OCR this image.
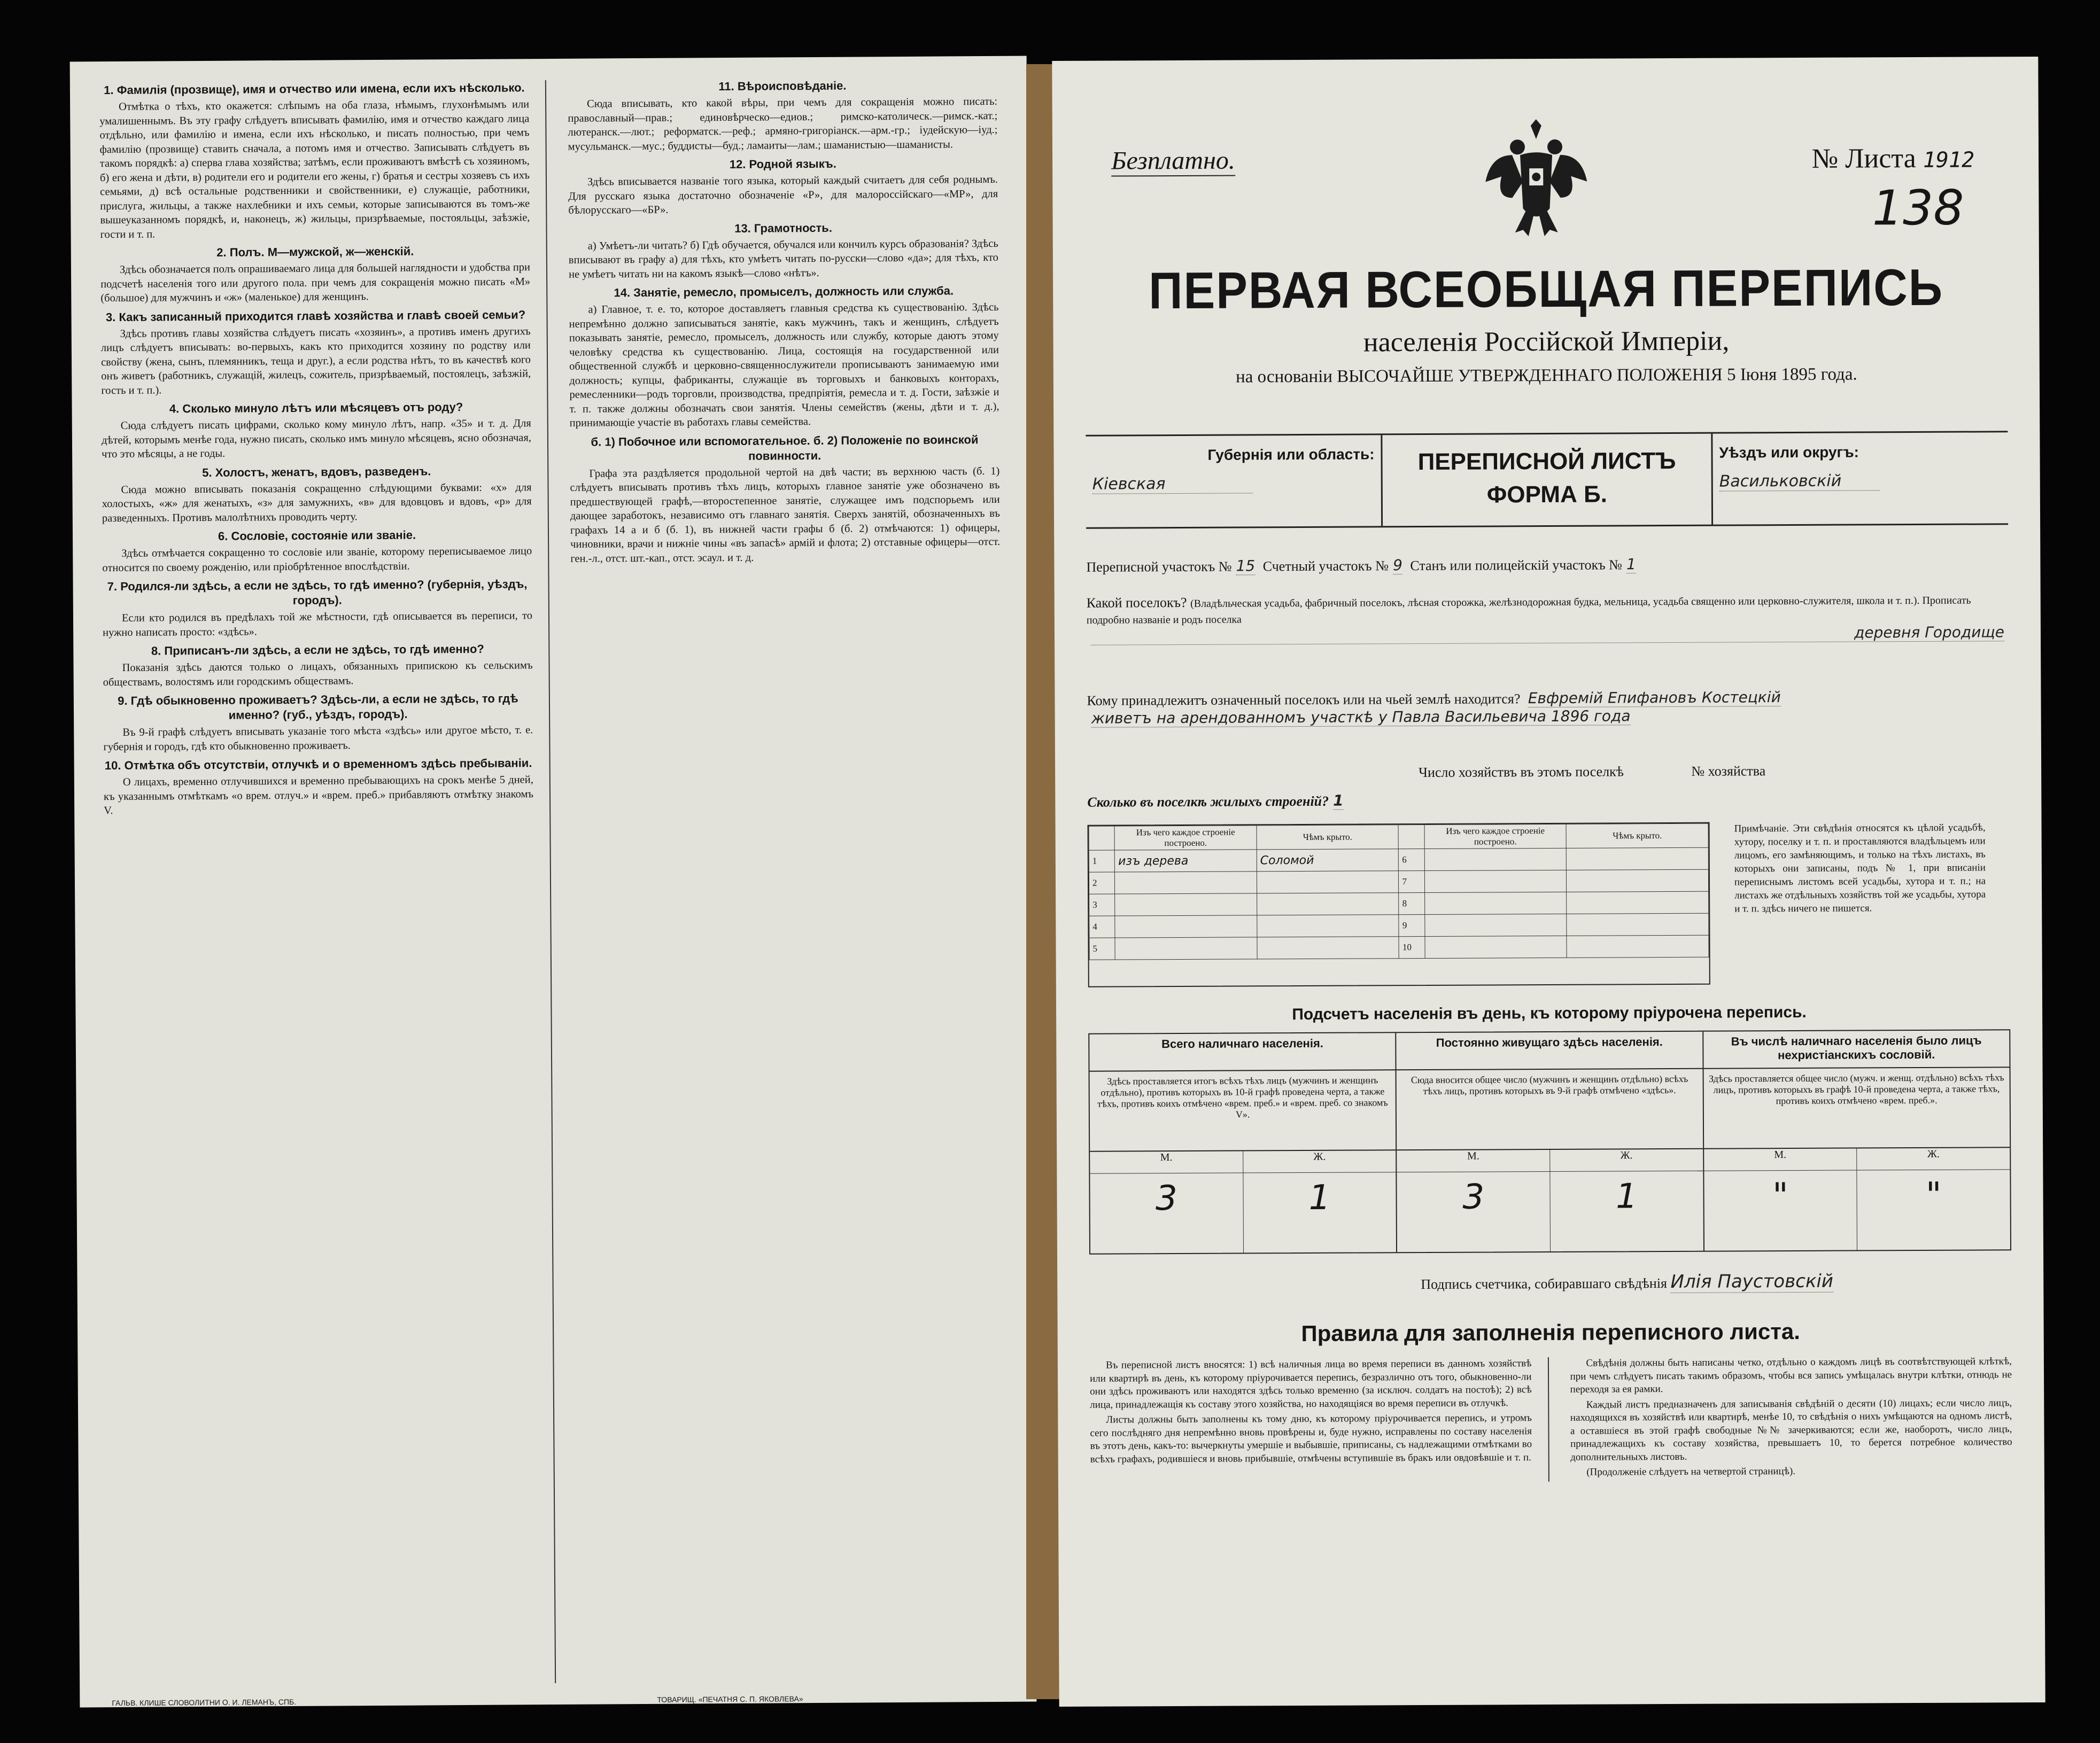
1. Фамилія (прозвище), имя и отчество или имена, если ихъ нѣсколько.

Отмѣтка о тѣхъ, кто окажется: слѣпымъ на оба глаза, нѣмымъ, глухонѣмымъ или умалишеннымъ. Въ эту графу слѣдуетъ вписывать фамилію, имя и отчество каждаго лица отдѣльно, или фамилію и имена, если ихъ нѣсколько, и писать полностью, при чемъ фамилію (прозвище) ставить сначала, а потомъ имя и отчество. Записывать слѣдуетъ въ такомъ порядкѣ: а) сперва глава хозяйства; затѣмъ, если проживаютъ вмѣстѣ съ хозяиномъ, б) его жена и дѣти, в) родители его и родители его жены, г) братья и сестры хозяевъ съ ихъ семьями, д) всѣ остальные родственники и свойственники, е) служащіе, работники, прислуга, жильцы, а также нахлебники и ихъ семьи, которые записываются въ томъ-же вышеуказанномъ порядкѣ, и, наконецъ, ж) жильцы, призрѣваемые, постояльцы, заѣзжіе, гости и т. п.

2. Полъ. М—мужской, ж—женскій.

Здѣсь обозначается полъ опрашиваемаго лица для большей наглядности и удобства при подсчетѣ населенія того или другого пола. при чемъ для сокращенія можно писать «М» (большое) для мужчинъ и «ж» (маленькое) для женщинъ.

3. Какъ записанный приходится главѣ хозяйства и главѣ своей семьи?

Здѣсь противъ главы хозяйства слѣдуетъ писать «хозяинъ», а противъ именъ другихъ лицъ слѣдуетъ вписывать: во-первыхъ, какъ кто приходится хозяину по родству или свойству (жена, сынъ, племянникъ, теща и друг.), а если родства нѣтъ, то въ качествѣ кого онъ живетъ (работникъ, служащій, жилецъ, сожитель, призрѣваемый, постоялецъ, заѣзжій, гость и т. п.).

4. Сколько минуло лѣтъ или мѣсяцевъ отъ роду?

Сюда слѣдуетъ писать цифрами, сколько кому минуло лѣтъ, напр. «35» и т. д. Для дѣтей, которымъ менѣе года, нужно писать, сколько имъ минуло мѣсяцевъ, ясно обозначая, что это мѣсяцы, а не годы.

5. Холостъ, женатъ, вдовъ, разведенъ.

Сюда можно вписывать показанія сокращенно слѣдующими буквами: «х» для холостыхъ, «ж» для женатыхъ, «з» для замужнихъ, «в» для вдовцовъ и вдовъ, «р» для разведенныхъ. Противъ малолѣтнихъ проводить черту.

6. Сословіе, состояніе или званіе.

Здѣсь отмѣчается сокращенно то сословіе или званіе, которому переписываемое лицо относится по своему рожденію, или пріобрѣтенное впослѣдствіи.

7. Родился-ли здѣсь, а если не здѣсь, то гдѣ именно? (губернія, уѣздъ, городъ).

Если кто родился въ предѣлахъ той же мѣстности, гдѣ описывается въ переписи, то нужно написать просто: «здѣсь».

8. Приписанъ-ли здѣсь, а если не здѣсь, то гдѣ именно?

Показанія здѣсь даются только о лицахъ, обязанныхъ припискою къ сельскимъ обществамъ, волостямъ или городскимъ обществамъ.

9. Гдѣ обыкновенно проживаетъ? Здѣсь-ли, а если не здѣсь, то гдѣ именно? (губ., уѣздъ, городъ).

Въ 9-й графѣ слѣдуетъ вписывать указаніе того мѣста «здѣсь» или другое мѣсто, т. е. губернія и городъ, гдѣ кто обыкновенно проживаетъ.

10. Отмѣтка объ отсутствіи, отлучкѣ и о временномъ здѣсь пребываніи.

О лицахъ, временно отлучившихся и временно пребывающихъ на срокъ менѣе 5 дней, къ указаннымъ отмѣткамъ «о врем. отлуч.» и «врем. преб.» прибавляютъ отмѣтку знакомъ V.

11. Вѣроисповѣданіе.

Сюда вписывать, кто какой вѣры, при чемъ для сокращенія можно писать: православный—прав.; единовѣрческо—едиов.; римско-католическ.—римск.-кат.; лютеранск.—лют.; реформатск.—реф.; армяно-григоріанск.—арм.-гр.; іудейскую—іуд.; мусульманск.—мус.; буддисты—буд.; ламаиты—лам.; шаманистыю—шаманисты.

12. Родной языкъ.

Здѣсь вписывается названіе того языка, который каждый считаетъ для себя роднымъ. Для русскаго языка достаточно обозначеніе «Р», для малороссійскаго—«МР», для бѣлорусскаго—«БР».

13. Грамотность.

а) Умѣетъ-ли читать? б) Гдѣ обучается, обучался или кончилъ курсъ образованія? Здѣсь вписывают въ графу а) для тѣхъ, кто умѣетъ читать по-русски—слово «да»; для тѣхъ, кто не умѣетъ читать ни на какомъ языкѣ—слово «нѣтъ».

14. Занятіе, ремесло, промыселъ, должность или служба.

а) Главное, т. е. то, которое доставляетъ главныя средства къ существованію. Здѣсь непремѣнно должно записываться занятіе, какъ мужчинъ, такъ и женщинъ, слѣдуетъ показывать занятіе, ремесло, промыселъ, должность или службу, которые даютъ этому человѣку средства къ существованію. Лица, состоящія на государственной или общественной службѣ и церковно-священнослужители прописываютъ занимаемую ими должность; купцы, фабриканты, служащіе въ торговыхъ и банковыхъ конторахъ, ремесленники—родъ торговли, производства, предпріятія, ремесла и т. д. Гости, заѣзжіе и т. п. также должны обозначать свои занятія. Члены семействъ (жены, дѣти и т. д.), принимающіе участіе въ работахъ главы семейства.

б. 1) Побочное или вспомогательное. б. 2) Положеніе по воинской повинности.

Графа эта раздѣляется продольной чертой на двѣ части; въ верхнюю часть (б. 1) слѣдуетъ вписывать противъ тѣхъ лицъ, которыхъ главное занятіе уже обозначено въ предшествующей графѣ,—второстепенное занятіе, служащее имъ подспорьемъ или дающее заработокъ, независимо отъ главнаго занятія. Сверхъ занятій, обозначенныхъ въ графахъ 14 а и б (б. 1), въ нижней части графы б (б. 2) отмѣчаются: 1) офицеры, чиновники, врачи и нижніе чины «въ запасѣ» армій и флота; 2) отставные офицеры—отст. ген.-л., отст. шт.-кап., отст. эсаул. и т. д.

ГАЛЬВ. КЛИШЕ СЛОВОЛИТНИ О. И. ЛЕМАНЪ, СПБ.	ТОВАРИЩ. «ПЕЧАТНЯ С. П. ЯКОВЛЕВА»
Безплатно.	№ Листа 1912
138
ПЕРВАЯ ВСЕОБЩАЯ ПЕРЕПИСЬ
населенія Россійской Имперіи,
на основаніи ВЫСОЧАЙШЕ УТВЕРЖДЕННАГО ПОЛОЖЕНІЯ 5 Іюня 1895 года.
Губернія или область:
Кіевская
ПЕРЕПИСНОЙ ЛИСТЪ
ФОРМА Б.
Уѣздъ или округъ:
Васильковскій
Переписной участокъ № 15 Счетный участокъ № 9 Станъ или полицейскій участокъ № 1
Какой поселокъ? (Владѣльческая усадьба, фабричный поселокъ, лѣсная сторожка, желѣзнодорожная будка, мельница, усадьба священно или церковно-служителя, школа и т. п.). Прописать подробно названіе и родъ поселка
деревня Городище
Кому принадлежитъ означенный поселокъ или на чьей землѣ находится? Евфремій Епифановъ Костецкій
живетъ на арендованномъ участкѣ у Павла Васильевича 1896 года
Число хозяйствъ въ этомъ поселкѣ	№ хозяйства
Сколько въ поселкѣ жилыхъ строеній? 1
	Изъ чего каждое строеніе построено.	Чѣмъ крыто.		Изъ чего каждое строеніе построено.	Чѣмъ крыто.
1	изъ дерева	Соломой	6		
2			7		
3			8		
4			9		
5			10		
Примѣчаніе. Эти свѣдѣнія относятся къ цѣлой усадьбѣ, хутору, поселку и т. п. и проставляются владѣльцемъ или лицомъ, его замѣняющимъ, и только на тѣхъ листахъ, въ которыхъ они записаны, подъ № 1, при вписаніи переписнымъ листомъ всей усадьбы, хутора и т. п.; на листахъ же отдѣльныхъ хозяйствъ той же усадьбы, хутора и т. п. здѣсь ничего не пишется.
Подсчетъ населенія въ день, къ которому пріурочена перепись.
Всего наличнаго населенія.
Здѣсь проставляется итогъ всѣхъ тѣхъ лицъ (мужчинъ и женщинъ отдѣльно), противъ которыхъ въ 10-й графѣ проведена черта, а также тѣхъ, противъ коихъ отмѣчено «врем. преб.» и «врем. преб. со знакомъ V».
М.	Ж.
3	1
Постоянно живущаго здѣсь населенія.
Сюда вносится общее число (мужчинъ и женщинъ отдѣльно) всѣхъ тѣхъ лицъ, противъ которыхъ въ 9-й графѣ отмѣчено «здѣсь».
М.	Ж.
3	1
Въ числѣ наличнаго населенія было лицъ нехристіанскихъ сословій.
Здѣсь проставляется общее число (мужч. и женщ. отдѣльно) всѣхъ тѣхъ лицъ, противъ которыхъ въ графѣ 10-й проведена черта, а также тѣхъ, противъ коихъ отмѣчено «врем. преб.».
М.	Ж.
"	"
Подпись счетчика, собиравшаго свѣдѣнія Илія Паустовскій
Правила для заполненія переписного листа.

Въ переписной листъ вносятся: 1) всѣ наличныя лица во время переписи въ данномъ хозяйствѣ или квартирѣ въ день, къ которому пріурочивается перепись, безразлично отъ того, обыкновенно-ли они здѣсь проживаютъ или находятся здѣсь только временно (за исключ. солдатъ на постоѣ); 2) всѣ лица, принадлежащія къ составу этого хозяйства, но находящіяся во время переписи въ отлучкѣ.

Листы должны быть заполнены къ тому дню, къ которому пріурочивается перепись, и утромъ сего послѣдняго дня непремѣнно вновь провѣрены и, буде нужно, исправлены по составу населенія въ этотъ день, какъ-то: вычеркнуты умершіе и выбывшіе, приписаны, съ надлежащими отмѣтками во всѣхъ графахъ, родившіеся и вновь прибывшіе, отмѣчены вступившіе въ бракъ или овдовѣвшіе и т. п.

Свѣдѣнія должны быть написаны четко, отдѣльно о каждомъ лицѣ въ соотвѣтствующей клѣткѣ, при чемъ слѣдуетъ писать такимъ образомъ, чтобы вся запись умѣщалась внутри клѣтки, отнюдь не переходя за ея рамки.

Каждый листъ предназначенъ для записыванія свѣдѣній о десяти (10) лицахъ; если число лицъ, находящихся въ хозяйствѣ или квартирѣ, менѣе 10, то свѣдѣнія о нихъ умѣщаются на одномъ листѣ, а оставшіеся въ этой графѣ свободные №№ зачеркиваются; если же, наоборотъ, число лицъ, принадлежащихъ къ составу хозяйства, превышаетъ 10, то берется потребное количество дополнительныхъ листовъ.

(Продолженіе слѣдуетъ на четвертой страницѣ).
